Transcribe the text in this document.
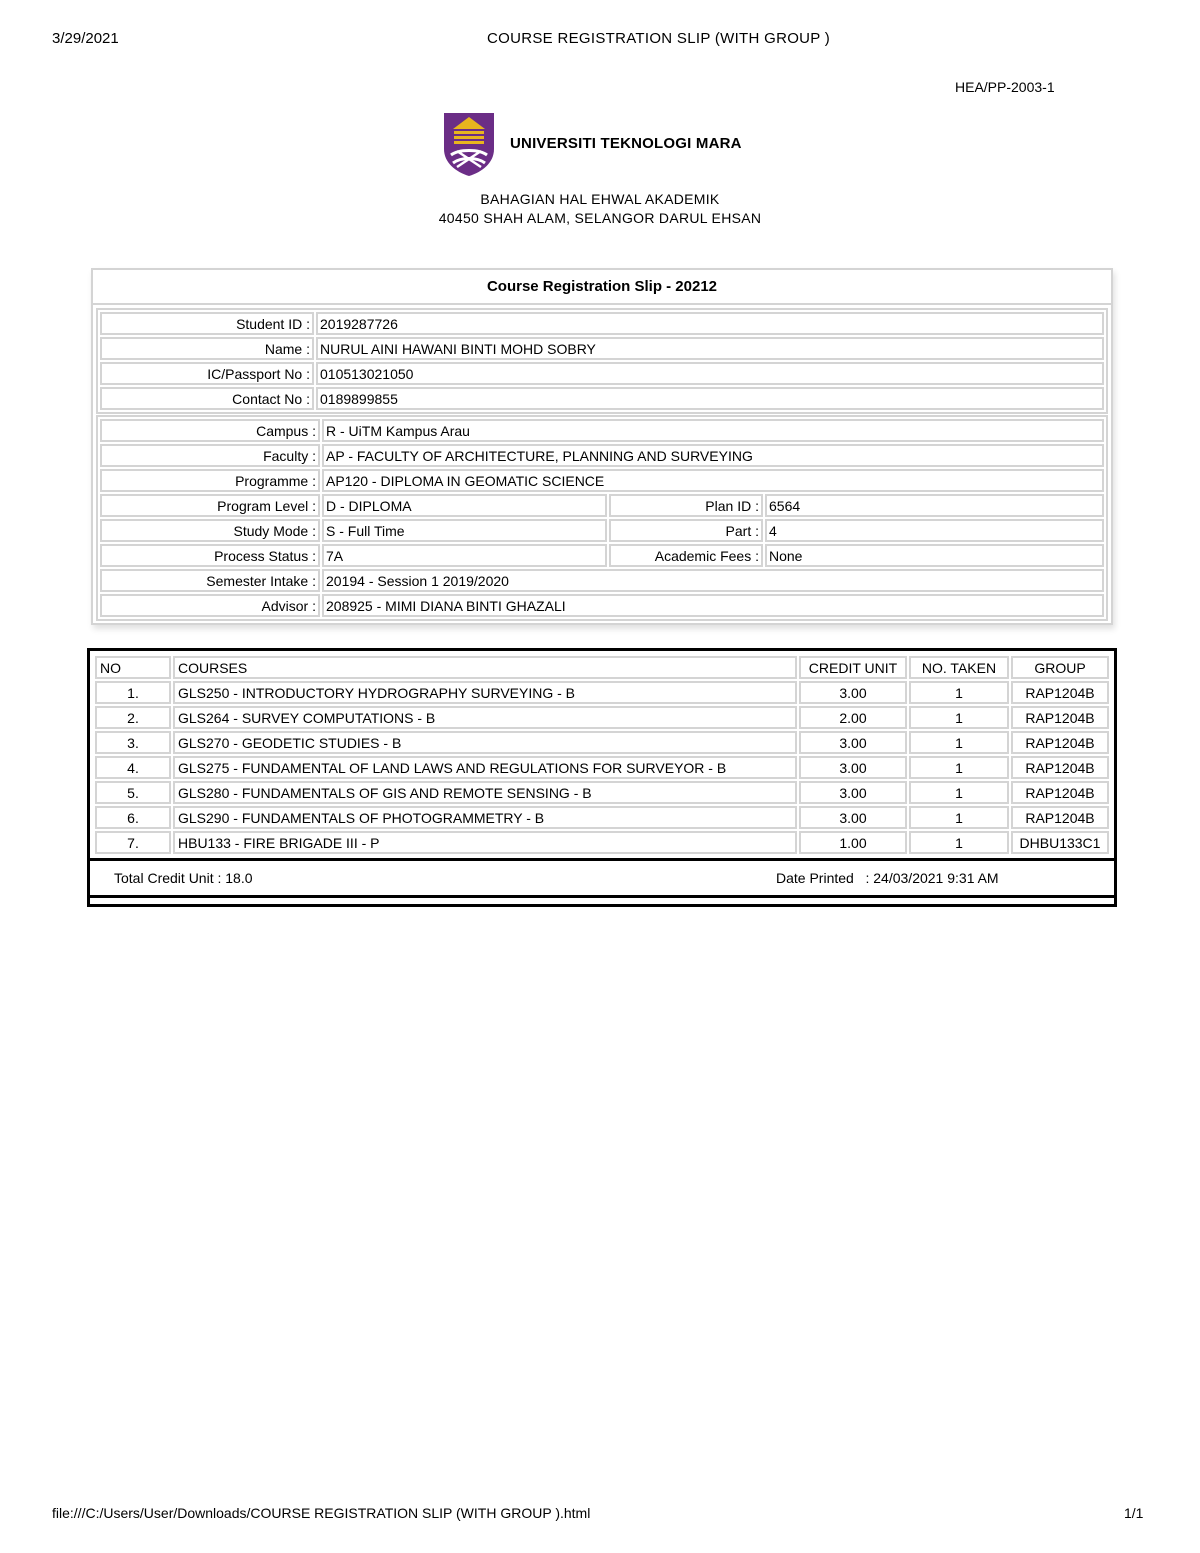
3/29/2021	COURSE REGISTRATION SLIP (WITH GROUP )
HEA/PP-2003-1
UNIVERSITI TEKNOLOGI MARA
BAHAGIAN HAL EHWAL AKADEMIK
40450 SHAH ALAM, SELANGOR DARUL EHSAN
Course Registration Slip - 20212
Student ID :	2019287726
Name :	NURUL AINI HAWANI BINTI MOHD SOBRY
IC/Passport No :	010513021050
Contact No :	0189899855
Campus :	R - UiTM Kampus Arau		
Faculty :	AP - FACULTY OF ARCHITECTURE, PLANNING AND SURVEYING		
Programme :	AP120 - DIPLOMA IN GEOMATIC SCIENCE		
Program Level :	D - DIPLOMA	Plan ID :	6564
Study Mode :	S - Full Time	Part :	4
Process Status :	7A	Academic Fees :	None
Semester Intake :	20194 - Session 1 2019/2020		
Advisor :	208925 - MIMI DIANA BINTI GHAZALI		
NO	COURSES	CREDIT UNIT	NO. TAKEN	GROUP
1.	GLS250 - INTRODUCTORY HYDROGRAPHY SURVEYING - B	3.00	1	RAP1204B
2.	GLS264 - SURVEY COMPUTATIONS - B	2.00	1	RAP1204B
3.	GLS270 - GEODETIC STUDIES - B	3.00	1	RAP1204B
4.	GLS275 - FUNDAMENTAL OF LAND LAWS AND REGULATIONS FOR SURVEYOR - B	3.00	1	RAP1204B
5.	GLS280 - FUNDAMENTALS OF GIS AND REMOTE SENSING - B	3.00	1	RAP1204B
6.	GLS290 - FUNDAMENTALS OF PHOTOGRAMMETRY - B	3.00	1	RAP1204B
7.	HBU133 - FIRE BRIGADE III - P	1.00	1	DHBU133C1
Total Credit Unit : 18.0	Date Printed   : 24/03/2021 9:31 AM
file:///C:/Users/User/Downloads/COURSE REGISTRATION SLIP (WITH GROUP ).html	1/1
